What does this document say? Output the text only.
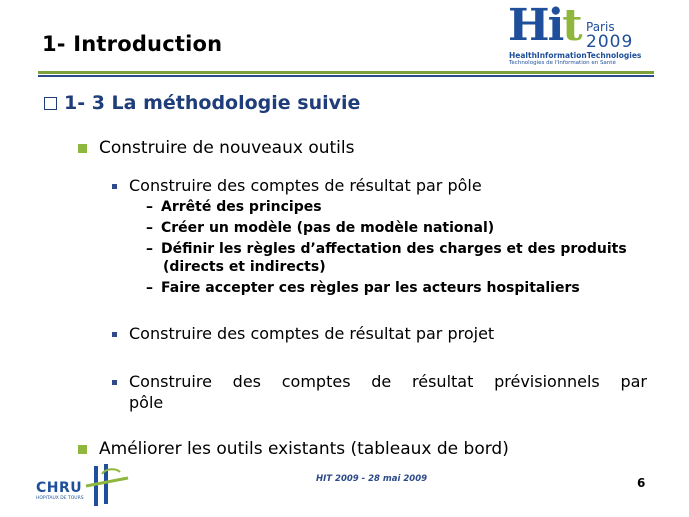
1- Introduction	Hit Paris
2009
HealthInformationTechnologies
Technologies de l'Information en Santé
1- 3 La méthodologie suivie
Construire de nouveaux outils
Construire des comptes de résultat par pôle
– Arrêté des principes
– Créer un modèle (pas de modèle national)
– Définir les règles d’affectation des charges et des produits
(directs et indirects)
– Faire accepter ces règles par les acteurs hospitaliers
Construire des comptes de résultat par projet
Construire des comptes de résultat prévisionnels par
pôle
Améliorer les outils existants (tableaux de bord)
CHRU
HOPITAUX DE TOURS
HIT 2009 - 28 mai 2009	6
